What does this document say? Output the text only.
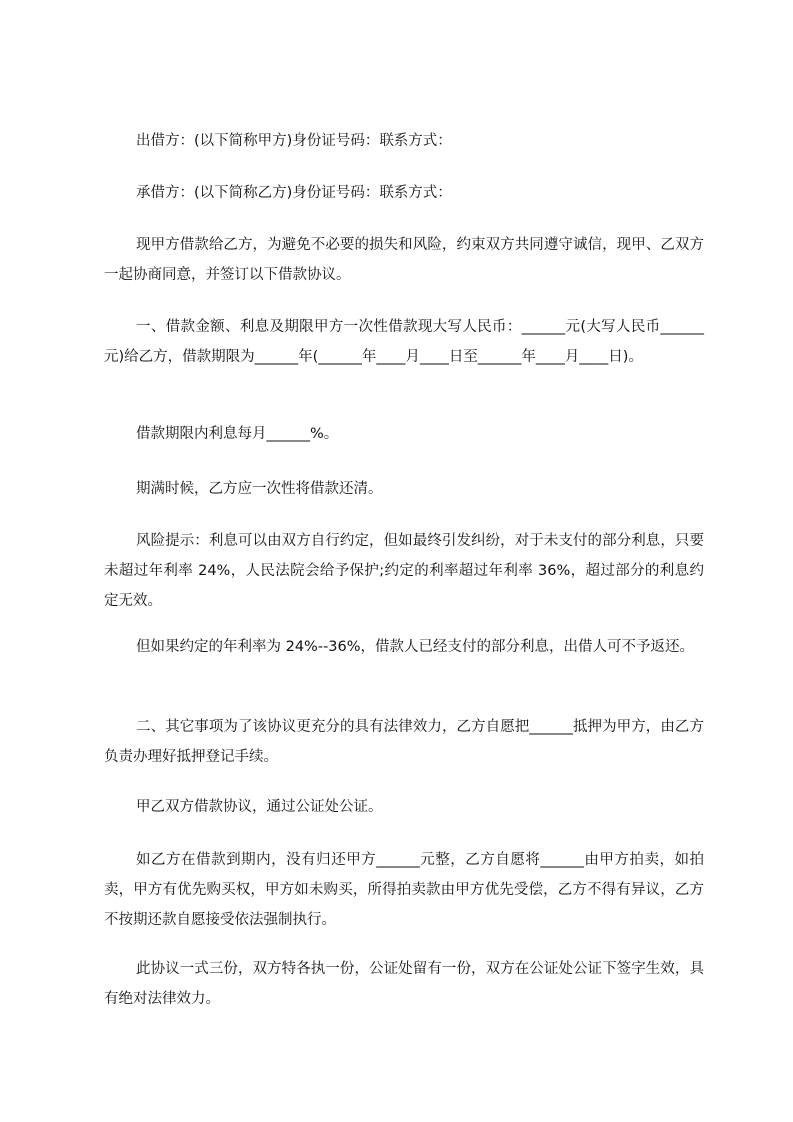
出借方：(以下简称甲方)身份证号码：联系方式：

承借方：(以下简称乙方)身份证号码：联系方式：

现甲方借款给乙方，为避免不必要的损失和风险，约束双方共同遵守诚信，现甲、乙双方一起协商同意，并签订以下借款协议。

一、借款金额、利息及期限甲方一次性借款现大写人民币：______元(大写人民币______元)给乙方，借款期限为______年(______年____月____日至______年____月____日)。

借款期限内利息每月______%。

期满时候，乙方应一次性将借款还清。

风险提示：利息可以由双方自行约定，但如最终引发纠纷，对于未支付的部分利息，只要未超过年利率 24%，人民法院会给予保护;约定的利率超过年利率 36%，超过部分的利息约定无效。

但如果约定的年利率为 24%--36%，借款人已经支付的部分利息，出借人可不予返还。

二、其它事项为了该协议更充分的具有法律效力，乙方自愿把______抵押为甲方，由乙方负责办理好抵押登记手续。

甲乙双方借款协议，通过公证处公证。

如乙方在借款到期内，没有归还甲方______元整，乙方自愿将______由甲方拍卖，如拍卖，甲方有优先购买权，甲方如未购买，所得拍卖款由甲方优先受偿，乙方不得有异议，乙方不按期还款自愿接受依法强制执行。

此协议一式三份，双方特各执一份，公证处留有一份，双方在公证处公证下签字生效，具有绝对法律效力。
